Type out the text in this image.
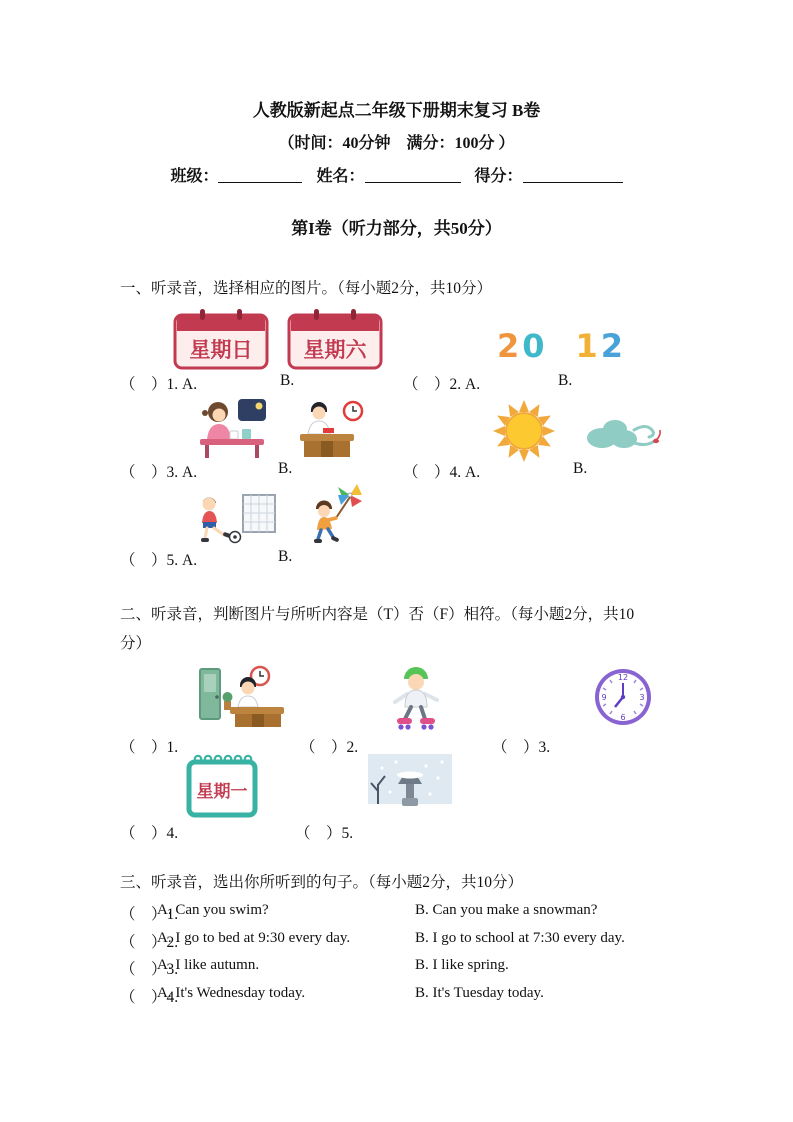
人教版新起点二年级下册期末复习 B卷
（时间：40分钟　满分：100分 ）
班级：	姓名：	得分：
第I卷（听力部分，共50分）
一、听录音，选择相应的图片。（每小题2分，共10分）
星期日 星期六	20 12
（　）1. A.	B.	（　）2. A.	B.
（　）3. A.	B.	（　）4. A.	B.
（　）5. A.	B.
二、听录音，判断图片与所听内容是（T）否（F）相符。（每小题2分，共10
分）
12
3
6
9
（　）1.	（　）2.	（　）3.
星期一
（　）4.	（　）5.
三、听录音，选出你所听到的句子。（每小题2分，共10分）
（　）1.
A. Can you swim?	B. Can you make a snowman?
（　）2.
A. I go to bed at 9:30 every day.	B. I go to school at 7:30 every day.
（　）3.
A. I like autumn.	B. I like spring.
（　）4.
A. It's Wednesday today.	B. It's Tuesday today.
